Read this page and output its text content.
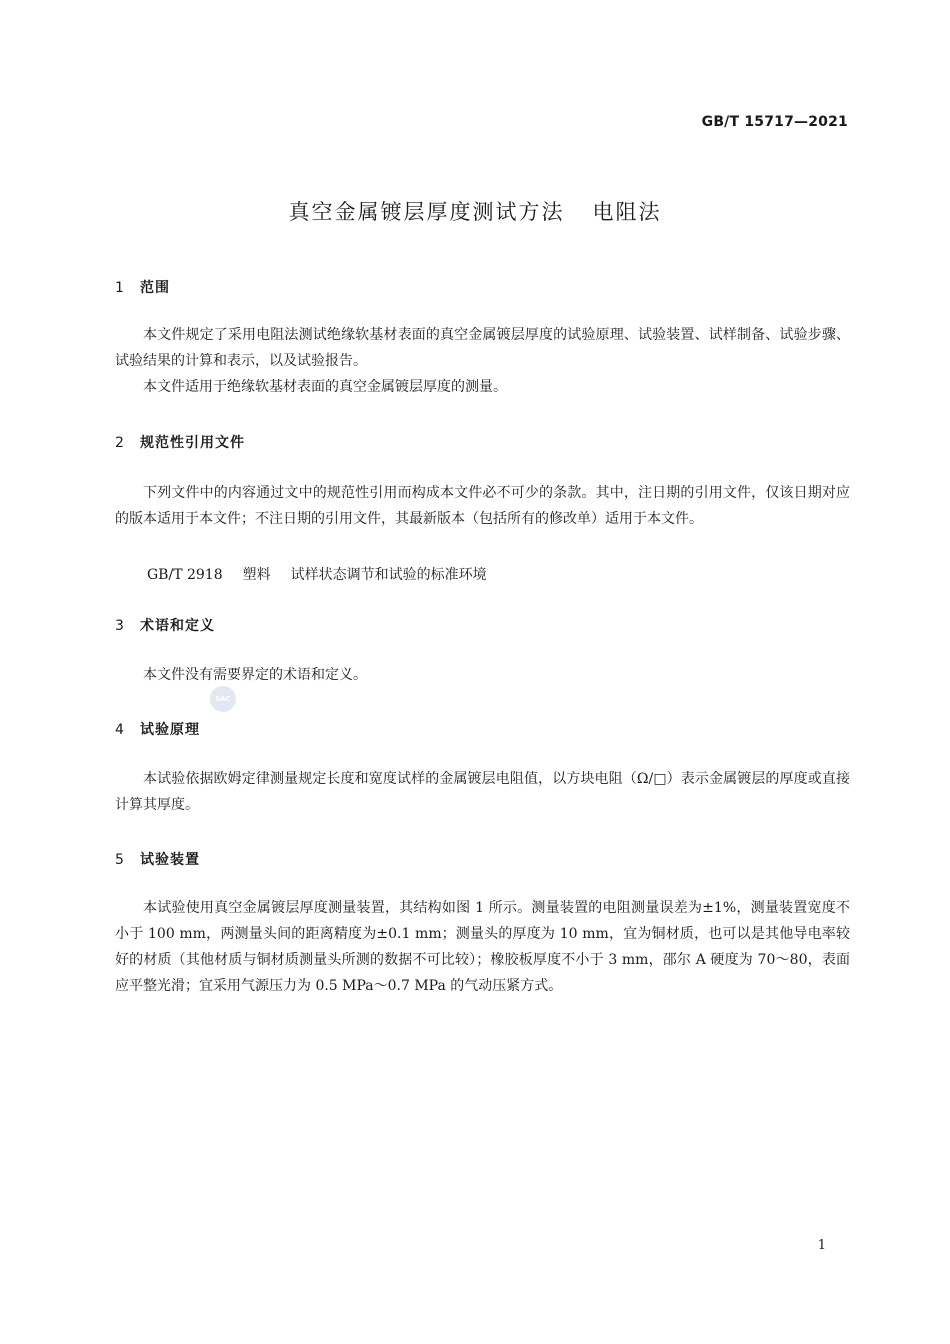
GB/T 15717—2021
真空金属镀层厚度测试方法 电阻法
1 范围
本文件规定了采用电阻法测试绝缘软基材表面的真空金属镀层厚度的试验原理、试验装置、试样制备、试验步骤、试验结果的计算和表示，以及试验报告。
本文件适用于绝缘软基材表面的真空金属镀层厚度的测量。
2 规范性引用文件
下列文件中的内容通过文中的规范性引用而构成本文件必不可少的条款。其中，注日期的引用文件，仅该日期对应的版本适用于本文件；不注日期的引用文件，其最新版本（包括所有的修改单）适用于本文件。
GB/T 2918 塑料 试样状态调节和试验的标准环境
3 术语和定义
本文件没有需要界定的术语和定义。
SAC
4 试验原理
本试验依据欧姆定律测量规定长度和宽度试样的金属镀层电阻值，以方块电阻（Ω/□）表示金属镀层的厚度或直接计算其厚度。
5 试验装置
本试验使用真空金属镀层厚度测量装置，其结构如图 1 所示。测量装置的电阻测量误差为±1%，测量装置宽度不小于 100 mm，两测量头间的距离精度为±0.1 mm；测量头的厚度为 10 mm，宜为铜材质，也可以是其他导电率较好的材质（其他材质与铜材质测量头所测的数据不可比较）；橡胶板厚度不小于 3 mm，邵尔 A 硬度为 70～80，表面应平整光滑；宜采用气源压力为 0.5 MPa～0.7 MPa 的气动压紧方式。
1
